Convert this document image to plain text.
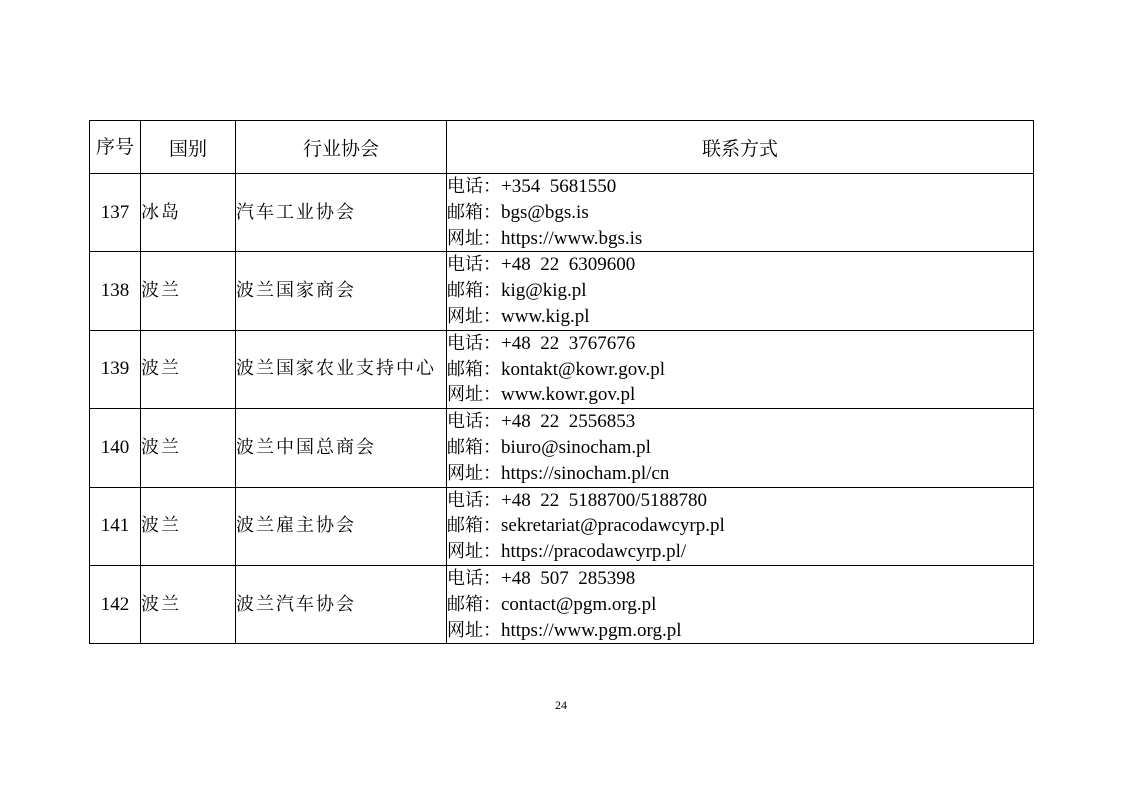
序号	国别	行业协会	联系方式
137	冰岛	汽车工业协会	电话：+354  5681550
邮箱：bgs@bgs.is
网址：https://www.bgs.is

138	波兰	波兰国家商会	电话：+48  22  6309600
邮箱：kig@kig.pl
网址：www.kig.pl

139	波兰	波兰国家农业支持中心	电话：+48  22  3767676
邮箱：kontakt@kowr.gov.pl
网址：www.kowr.gov.pl

140	波兰	波兰中国总商会	电话：+48  22  2556853
邮箱：biuro@sinocham.pl
网址：https://sinocham.pl/cn

141	波兰	波兰雇主协会	电话：+48  22  5188700/5188780
邮箱：sekretariat@pracodawcyrp.pl
网址：https://pracodawcyrp.pl/

142	波兰	波兰汽车协会	电话：+48  507  285398
邮箱：contact@pgm.org.pl
网址：https://www.pgm.org.pl
24
